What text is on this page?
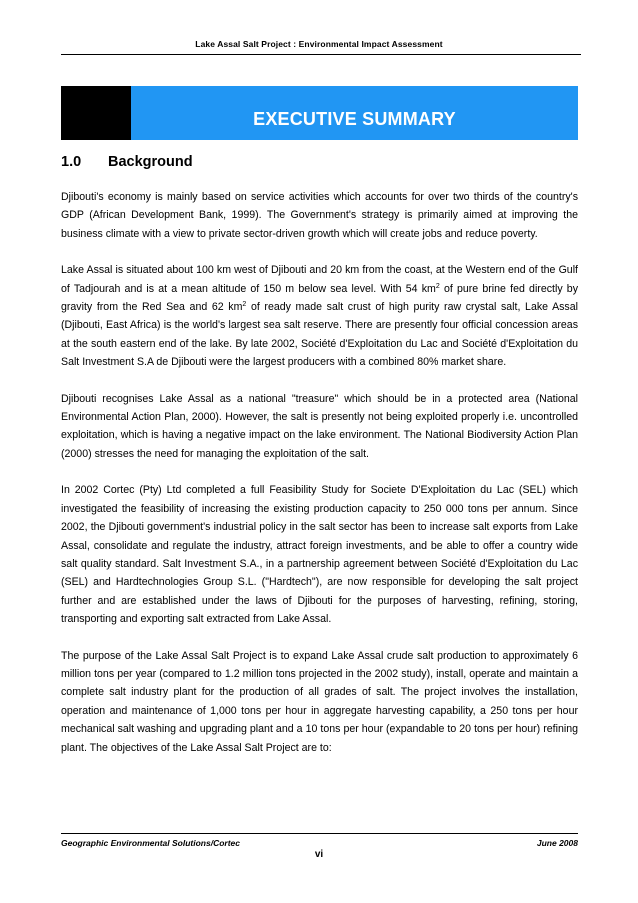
Lake Assal Salt Project : Environmental Impact Assessment
EXECUTIVE SUMMARY
1.0 Background

Djibouti's economy is mainly based on service activities which accounts for over two thirds of the country's GDP (African Development Bank, 1999). The Government's strategy is primarily aimed at improving the business climate with a view to private sector-driven growth which will create jobs and reduce poverty.

Lake Assal is situated about 100 km west of Djibouti and 20 km from the coast, at the Western end of the Gulf of Tadjourah and is at a mean altitude of 150 m below sea level. With 54 $km^2$ of pure brine fed directly by gravity from the Red Sea and 62 $km^2$ of ready made salt crust of high purity raw crystal salt, Lake Assal (Djibouti, East Africa) is the world's largest sea salt reserve. There are presently four official concession areas at the south eastern end of the lake. By late 2002, Société d'Exploitation du Lac and Société d'Exploitation du Salt Investment S.A de Djibouti were the largest producers with a combined 80% market share.

Djibouti recognises Lake Assal as a national "treasure" which should be in a protected area (National Environmental Action Plan, 2000). However, the salt is presently not being exploited properly i.e. uncontrolled exploitation, which is having a negative impact on the lake environment. The National Biodiversity Action Plan (2000) stresses the need for managing the exploitation of the salt.

In 2002 Cortec (Pty) Ltd completed a full Feasibility Study for Societe D'Exploitation du Lac (SEL) which investigated the feasibility of increasing the existing production capacity to 250 000 tons per annum. Since 2002, the Djibouti government's industrial policy in the salt sector has been to increase salt exports from Lake Assal, consolidate and regulate the industry, attract foreign investments, and be able to offer a country wide salt quality standard. Salt Investment S.A., in a partnership agreement between Société d'Exploitation du Lac (SEL) and Hardtechnologies Group S.L. ("Hardtech"), are now responsible for developing the salt project further and are established under the laws of Djibouti for the purposes of harvesting, refining, storing, transporting and exporting salt extracted from Lake Assal.

The purpose of the Lake Assal Salt Project is to expand Lake Assal crude salt production to approximately 6 million tons per year (compared to 1.2 million tons projected in the 2002 study), install, operate and maintain a complete salt industry plant for the production of all grades of salt. The project involves the installation, operation and maintenance of 1,000 tons per hour in aggregate harvesting capability, a 250 tons per hour mechanical salt washing and upgrading plant and a 10 tons per hour (expandable to 20 tons per hour) refining plant. The objectives of the Lake Assal Salt Project are to:

Geographic Environmental Solutions/Cortec	June 2008
vi
